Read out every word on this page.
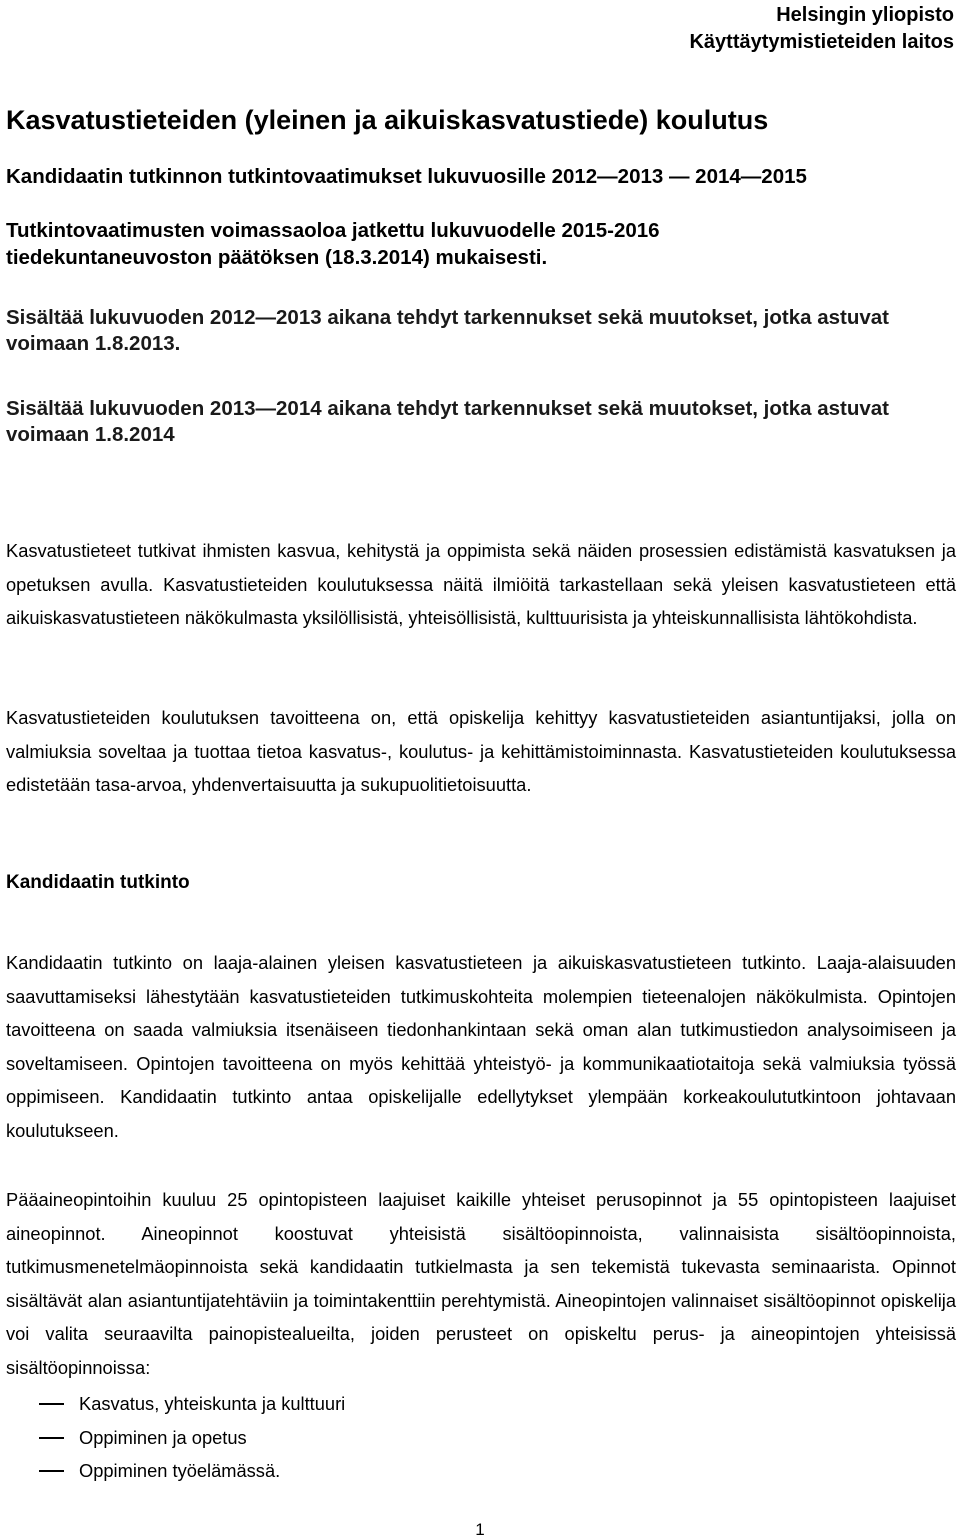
Helsingin yliopisto
Käyttäytymistieteiden laitos
Kasvatustieteiden (yleinen ja aikuiskasvatustiede) koulutus
Kandidaatin tutkinnon tutkintovaatimukset lukuvuosille 2012—2013 — 2014—2015
Tutkintovaatimusten voimassaoloa jatkettu lukuvuodelle 2015-2016
tiedekuntaneuvoston päätöksen (18.3.2014) mukaisesti.
Sisältää lukuvuoden 2012—2013 aikana tehdyt tarkennukset sekä muutokset, jotka astuvat voimaan 1.8.2013.
Sisältää lukuvuoden 2013—2014 aikana tehdyt tarkennukset sekä muutokset, jotka astuvat voimaan 1.8.2014
Kasvatustieteet tutkivat ihmisten kasvua, kehitystä ja oppimista sekä näiden prosessien edistämistä kasvatuksen ja opetuksen avulla. Kasvatustieteiden koulutuksessa näitä ilmiöitä tarkastellaan sekä yleisen kasvatustieteen että aikuiskasvatustieteen näkökulmasta yksilöllisistä, yhteisöllisistä, kulttuurisista ja yhteiskunnallisista lähtökohdista.
Kasvatustieteiden koulutuksen tavoitteena on, että opiskelija kehittyy kasvatustieteiden asiantuntijaksi, jolla on valmiuksia soveltaa ja tuottaa tietoa kasvatus-, koulutus- ja kehittämistoiminnasta. Kasvatustieteiden koulutuksessa edistetään tasa-arvoa, yhdenvertaisuutta ja sukupuolitietoisuutta.
Kandidaatin tutkinto
Kandidaatin tutkinto on laaja-alainen yleisen kasvatustieteen ja aikuiskasvatustieteen tutkinto. Laaja-alaisuuden saavuttamiseksi lähestytään kasvatustieteiden tutkimuskohteita molempien tieteenalojen näkökulmista. Opintojen tavoitteena on saada valmiuksia itsenäiseen tiedonhankintaan sekä oman alan tutkimustiedon analysoimiseen ja soveltamiseen. Opintojen tavoitteena on myös kehittää yhteistyö- ja kommunikaatiotaitoja sekä valmiuksia työssä oppimiseen. Kandidaatin tutkinto antaa opiskelijalle edellytykset ylempään korkeakoulututkintoon johtavaan koulutukseen.
Pääaineopintoihin kuuluu 25 opintopisteen laajuiset kaikille yhteiset perusopinnot ja 55 opintopisteen laajuiset aineopinnot. Aineopinnot koostuvat yhteisistä sisältöopinnoista, valinnaisista sisältöopinnoista, tutkimusmenetelmäopinnoista sekä kandidaatin tutkielmasta ja sen tekemistä tukevasta seminaarista. Opinnot sisältävät alan asiantuntijatehtäviin ja toimintakenttiin perehtymistä. Aineopintojen valinnaiset sisältöopinnot opiskelija voi valita seuraavilta painopistealueilta, joiden perusteet on opiskeltu perus- ja aineopintojen yhteisissä sisältöopinnoissa:
Kasvatus, yhteiskunta ja kulttuuri
Oppiminen ja opetus
Oppiminen työelämässä.
1
